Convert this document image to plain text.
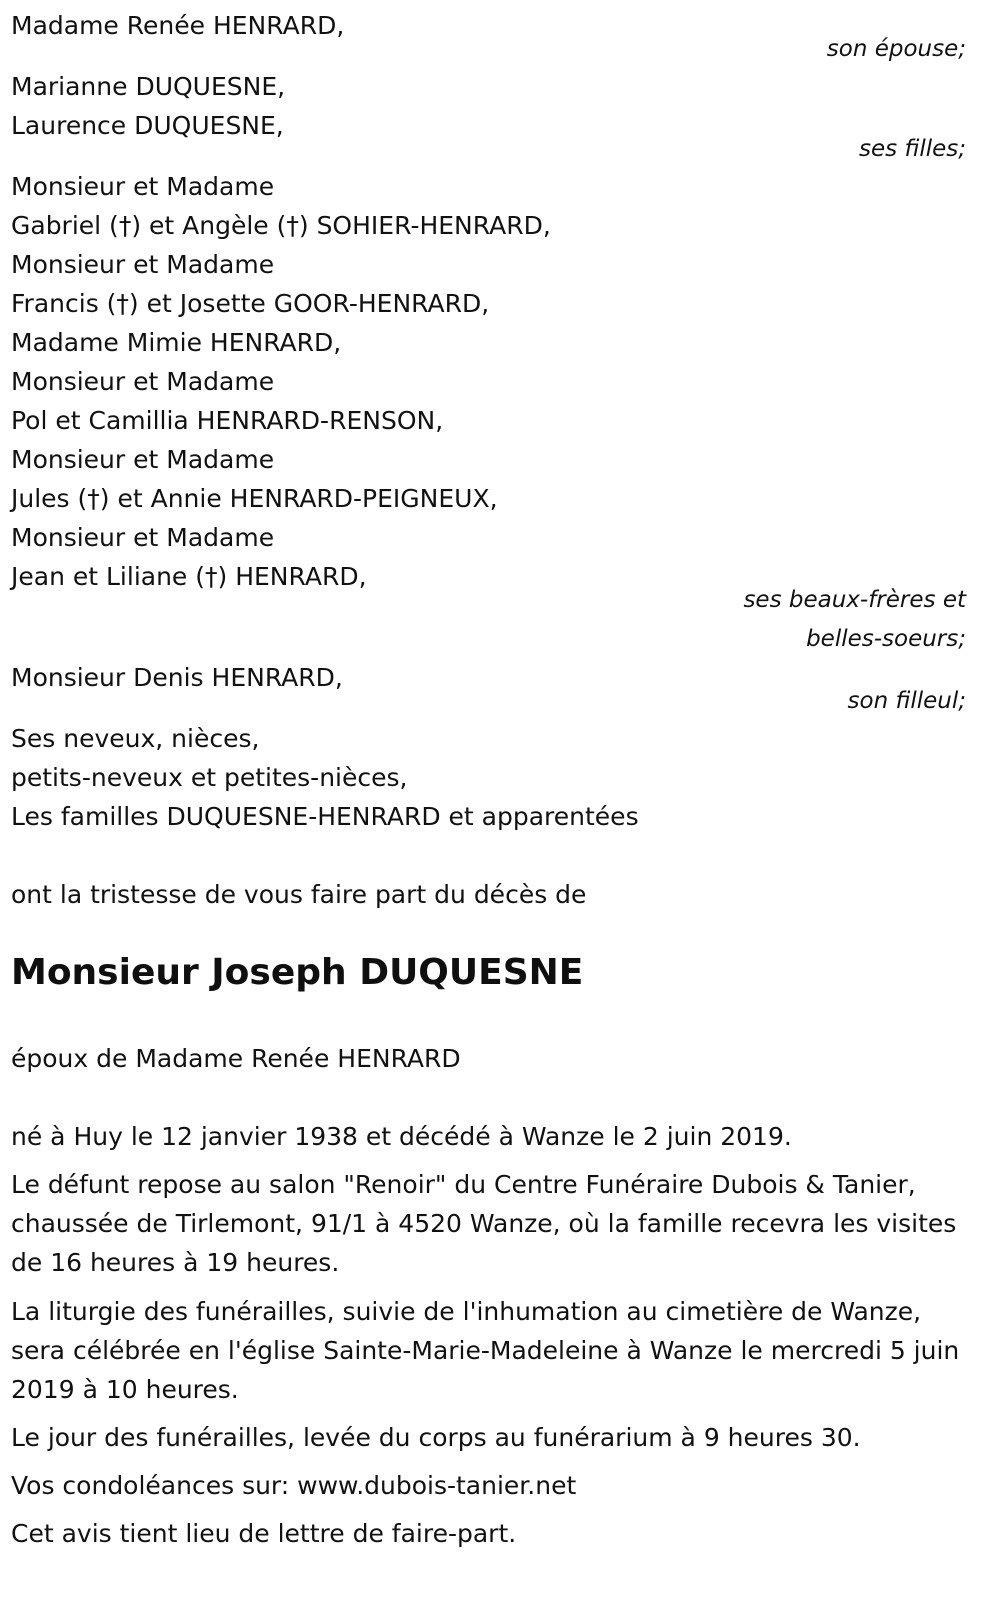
Madame Renée HENRARD,
son épouse;
Marianne DUQUESNE,
Laurence DUQUESNE,
ses filles;
Monsieur et Madame
Gabriel (†) et Angèle (†) SOHIER-HENRARD,
Monsieur et Madame
Francis (†) et Josette GOOR-HENRARD,
Madame Mimie HENRARD,
Monsieur et Madame
Pol et Camillia HENRARD-RENSON,
Monsieur et Madame
Jules (†) et Annie HENRARD-PEIGNEUX,
Monsieur et Madame
Jean et Liliane (†) HENRARD,
ses beaux-frères et
belles-soeurs;
Monsieur Denis HENRARD,
son filleul;
Ses neveux, nièces,
petits-neveux et petites-nièces,
Les familles DUQUESNE-HENRARD et apparentées
ont la tristesse de vous faire part du décès de
Monsieur Joseph DUQUESNE
époux de Madame Renée HENRARD
né à Huy le 12 janvier 1938 et décédé à Wanze le 2 juin 2019.
Le défunt repose au salon "Renoir" du Centre Funéraire Dubois & Tanier, chaussée de Tirlemont, 91/1 à 4520 Wanze, où la famille recevra les visites de 16 heures à 19 heures.
La liturgie des funérailles, suivie de l'inhumation au cimetière de Wanze, sera célébrée en l'église Sainte-Marie-Madeleine à Wanze le mercredi 5 juin 2019 à 10 heures.
Le jour des funérailles, levée du corps au funérarium à 9 heures 30.
Vos condoléances sur: www.dubois-tanier.net
Cet avis tient lieu de lettre de faire-part.
